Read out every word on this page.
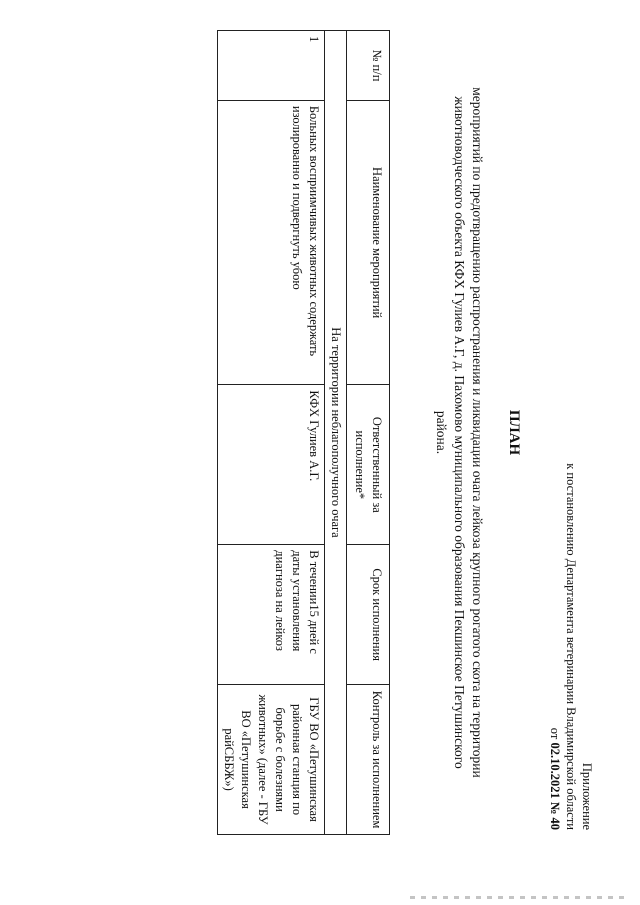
Приложение
к постановлению Департамента ветеринарии Владимирской области
от 02.10.2021 № 40
ПЛАН
мероприятий по предотвращению распространения и ликвидации очага лейкоза крупного рогатого скота на территории
животноводческого объекта КФХ Гулиев А.Г, д. Пахомово муниципального образования Пекшинское Петушинского
района.
№ п/п	Наименование мероприятий	Ответственный за исполнение*	Срок исполнения	Контроль за исполнением
На территории неблагополучного очага				
1	Больных восприимчивых животных содержать изолированно и подвергнуть убою	КФХ Гулиев А.Г.	В течении15 дней с даты установления диагноза на лейкоз	ГБУ ВО «Петушинская районная станция по борьбе с болезнями животных» (далее - ГБУ ВО «Петушинская райСББЖ»)
